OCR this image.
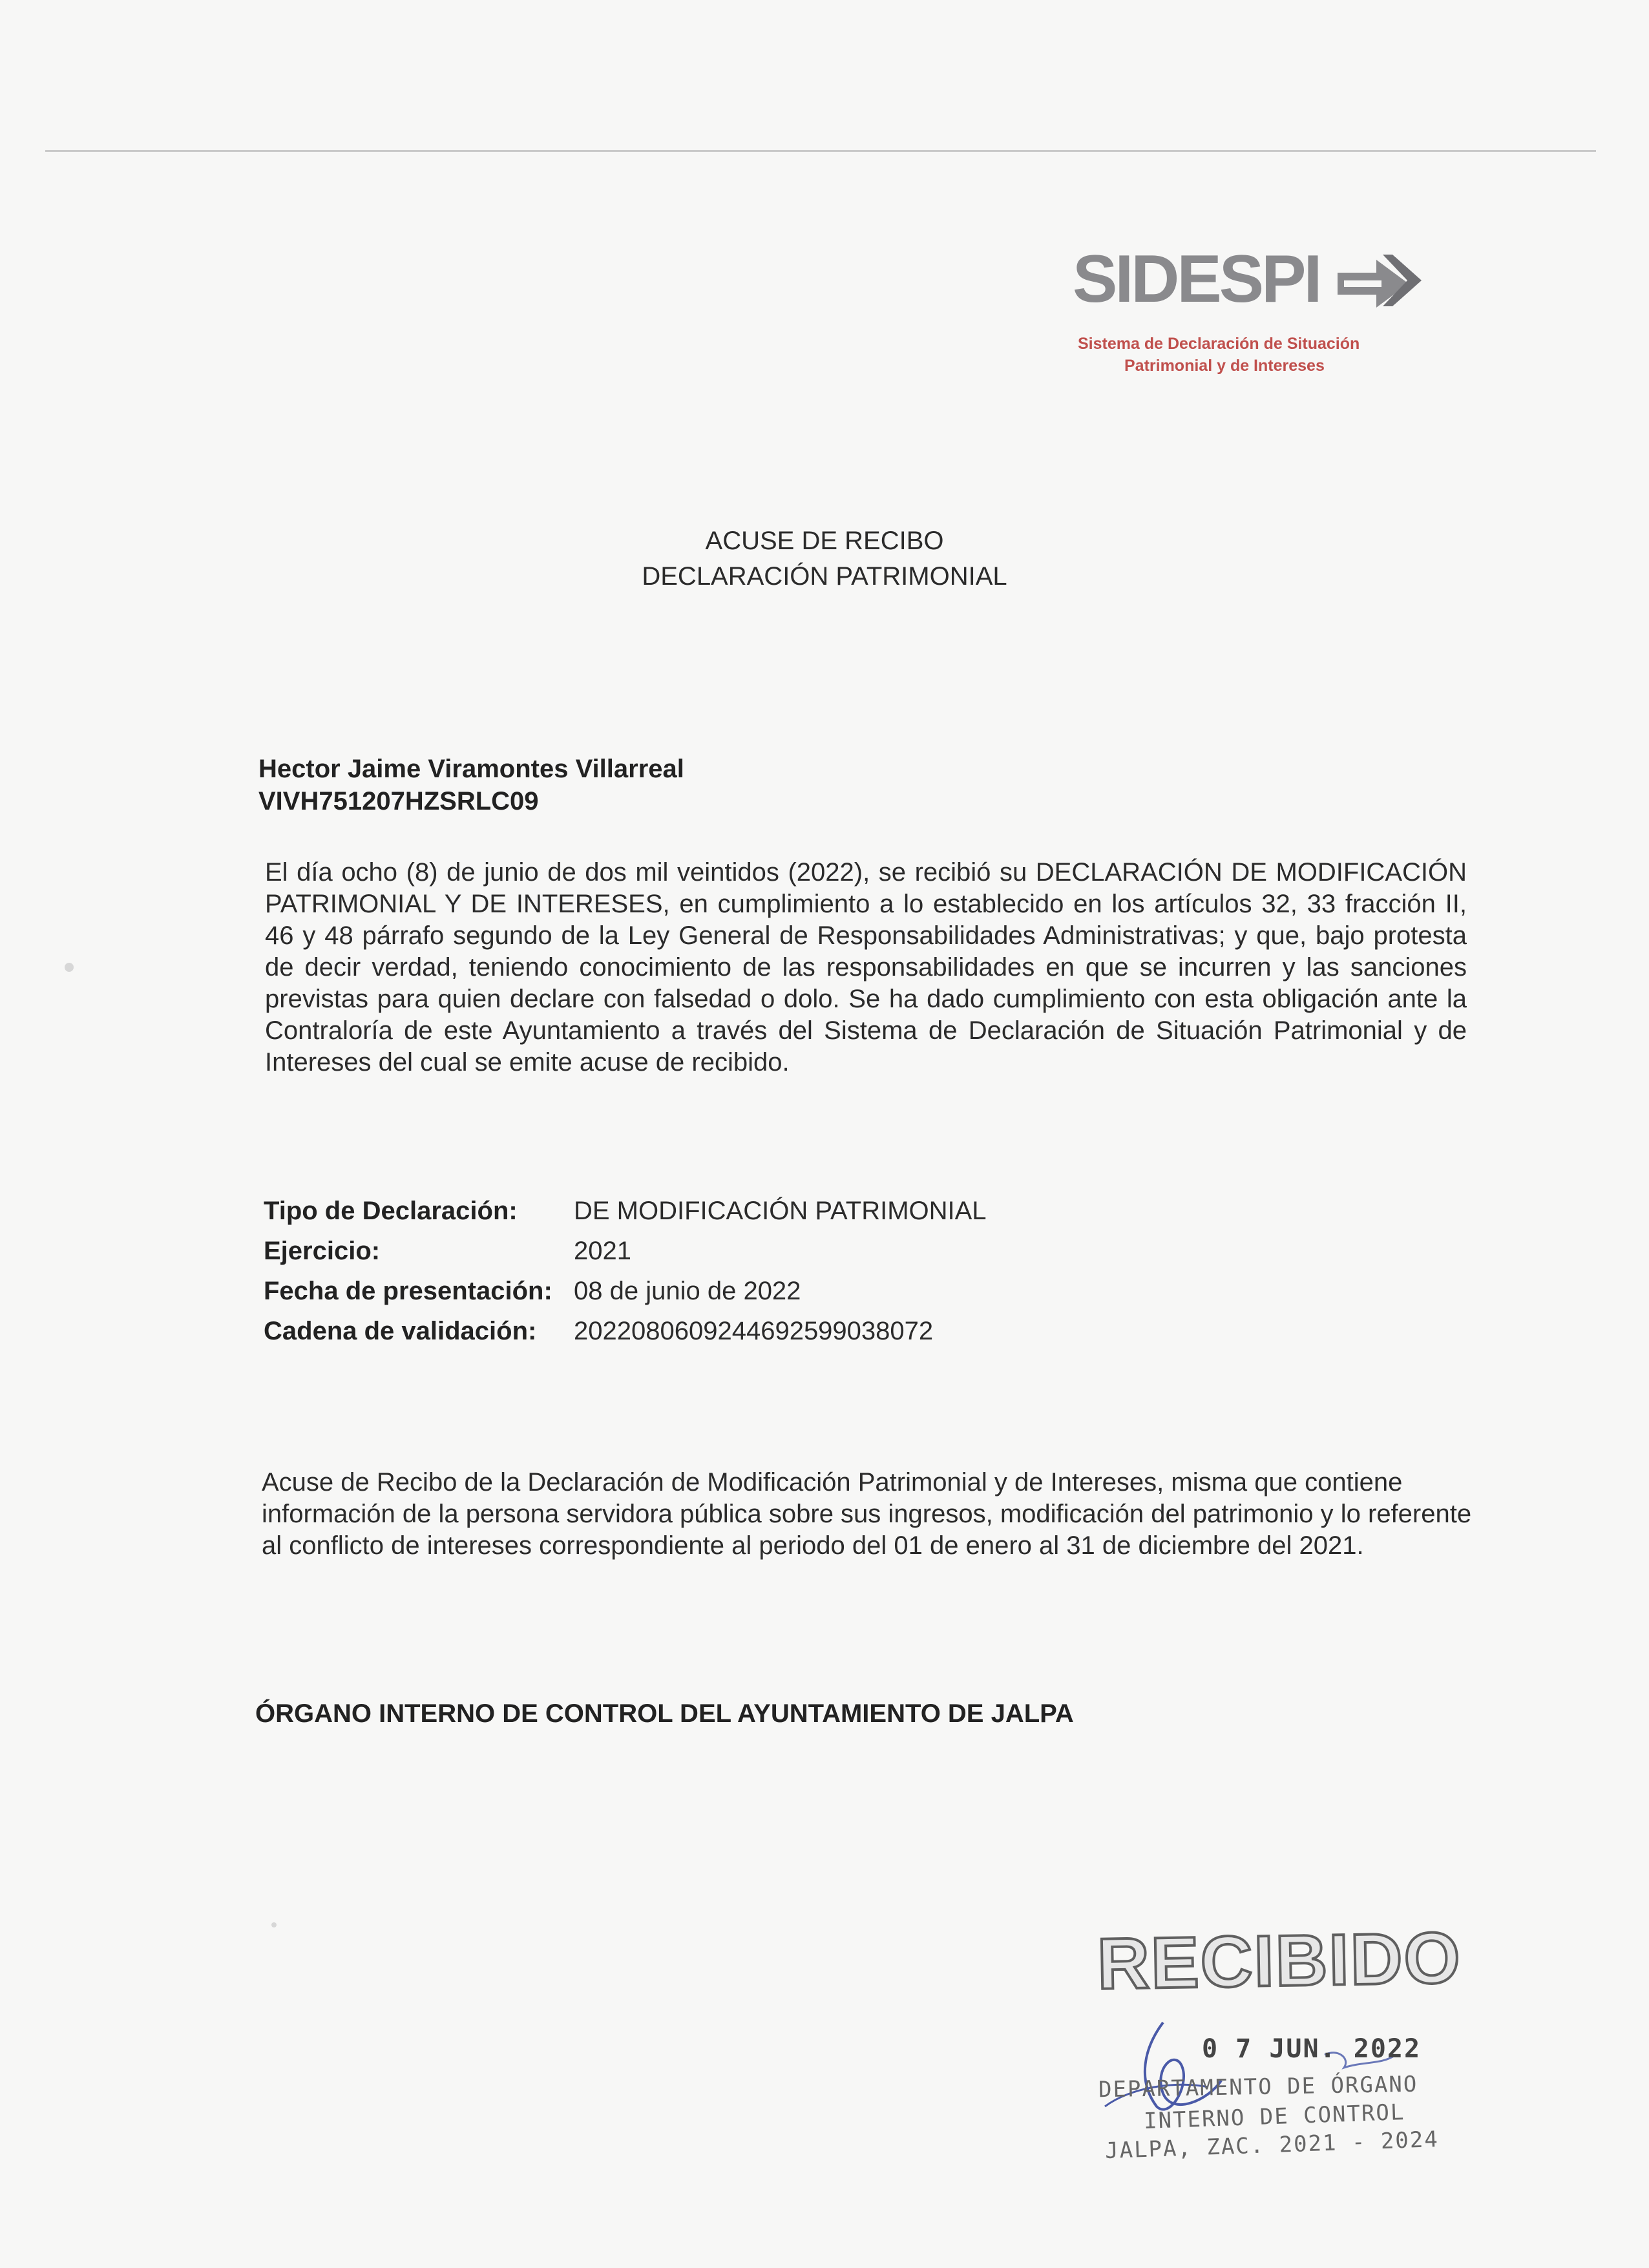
SIDESPI
Sistema de Declaración de Situación
Patrimonial y de Intereses
ACUSE DE RECIBO
DECLARACIÓN PATRIMONIAL
Hector Jaime Viramontes Villarreal
VIVH751207HZSRLC09
El día ocho (8) de junio de dos mil veintidos (2022), se recibió su DECLARACIÓN DE MODIFICACIÓN PATRIMONIAL Y DE INTERESES, en cumplimiento a lo establecido en los artículos 32, 33 fracción II, 46 y 48 párrafo segundo de la Ley General de Responsabilidades Administrativas; y que, bajo protesta de decir verdad, teniendo conocimiento de las responsabilidades en que se incurren y las sanciones previstas para quien declare con falsedad o dolo. Se ha dado cumplimiento con esta obligación ante la Contraloría de este Ayuntamiento a través del Sistema de Declaración de Situación Patrimonial y de Intereses del cual se emite acuse de recibido.
Tipo de Declaración: DE MODIFICACIÓN PATRIMONIAL
Ejercicio:	2021
Fecha de presentación: 08 de junio de 2022
Cadena de validación: 20220806092446925990380​72
Acuse de Recibo de la Declaración de Modificación Patrimonial y de Intereses, misma que contiene información de la persona servidora pública sobre sus ingresos, modificación del patrimonio y lo referente al conflicto de intereses correspondiente al periodo del 01 de enero al 31 de diciembre del 2021.
ÓRGANO INTERNO DE CONTROL DEL AYUNTAMIENTO DE JALPA
RECIBIDO
0 7 JUN. 2022
DEPARTAMENTO DE ÓRGANO
INTERNO DE CONTROL
JALPA, ZAC. 2021 - 2024
